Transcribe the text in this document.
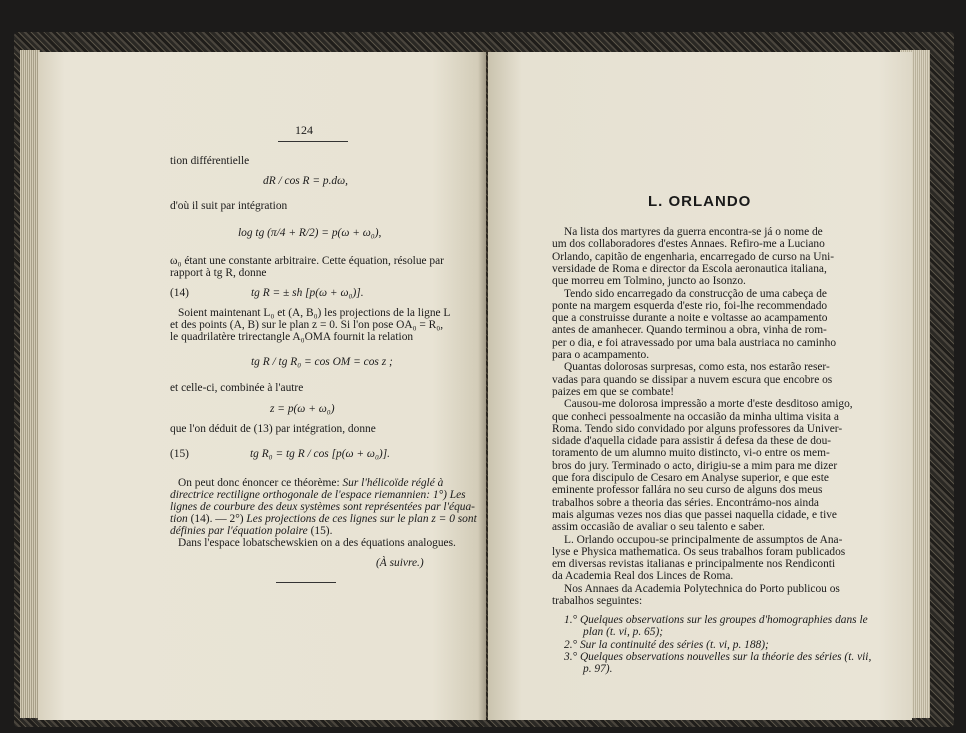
124
tion différentielle
dR / cos R = p.dω,
d'où il suit par intégration
log tg (π/4 + R/2) = p(ω + ω₀),
ω₀ étant une constante arbitraire. Cette équation, résolue par
rapport à tg R, donne
(14)	tg R = ± sh [p(ω + ω₀)].
Soient maintenant L₀ et (A, B₀) les projections de la ligne L
et des points (A, B) sur le plan z = 0. Si l'on pose OA₀ = R₀,
le quadrilatère trirectangle A₀OMA fournit la relation
tg R / tg R₀ = cos OM = cos z ;
et celle-ci, combinée à l'autre
z = p(ω + ω₀)
que l'on déduit de (13) par intégration, donne
(15)	tg R₀ = tg R / cos [p(ω + ω₀)].
On peut donc énoncer ce théorème: Sur l'hélicoïde réglé à
directrice rectiligne orthogonale de l'espace riemannien: 1°) Les
lignes de courbure des deux systèmes sont représentées par l'équa-
tion (14). — 2°) Les projections de ces lignes sur le plan z = 0 sont
définies par l'équation polaire (15).
Dans l'espace lobatschewskien on a des équations analogues.
(À suivre.)
L. ORLANDO
Na lista dos martyres da guerra encontra-se já o nome de
um dos collaboradores d'estes Annaes. Refiro-me a Luciano
Orlando, capitão de engenharia, encarregado de curso na Uni-
versidade de Roma e director da Escola aeronautica italiana,
que morreu em Tolmino, juncto ao Isonzo.
Tendo sido encarregado da construcção de uma cabeça de
ponte na margem esquerda d'este rio, foi-lhe recommendado
que a construisse durante a noite e voltasse ao acampamento
antes de amanhecer. Quando terminou a obra, vinha de rom-
per o dia, e foi atravessado por uma bala austriaca no caminho
para o acampamento.
Quantas dolorosas surpresas, como esta, nos estarão reser-
vadas para quando se dissipar a nuvem escura que encobre os
paizes em que se combate!
Causou-me dolorosa impressão a morte d'este desditoso amigo,
que conheci pessoalmente na occasião da minha ultima visita a
Roma. Tendo sido convidado por alguns professores da Univer-
sidade d'aquella cidade para assistir á defesa da these de dou-
toramento de um alumno muito distincto, vi-o entre os mem-
bros do jury. Terminado o acto, dirigiu-se a mim para me dizer
que fora discipulo de Cesaro em Analyse superior, e que este
eminente professor fallára no seu curso de alguns dos meus
trabalhos sobre a theoria das séries. Encontrámo-nos ainda
mais algumas vezes nos dias que passei naquella cidade, e tive
assim occasião de avaliar o seu talento e saber.
L. Orlando occupou-se principalmente de assumptos de Ana-
lyse e Physica mathematica. Os seus trabalhos foram publicados
em diversas revistas italianas e principalmente nos Rendiconti
da Academia Real dos Linces de Roma.
Nos Annaes da Academia Polytechnica do Porto publicou os
trabalhos seguintes:
1.° Quelques observations sur les groupes d'homographies dans le
plan (t. vi, p. 65);
2.° Sur la continuité des séries (t. vi, p. 188);
3.° Quelques observations nouvelles sur la théorie des séries (t. vii,
p. 97).
